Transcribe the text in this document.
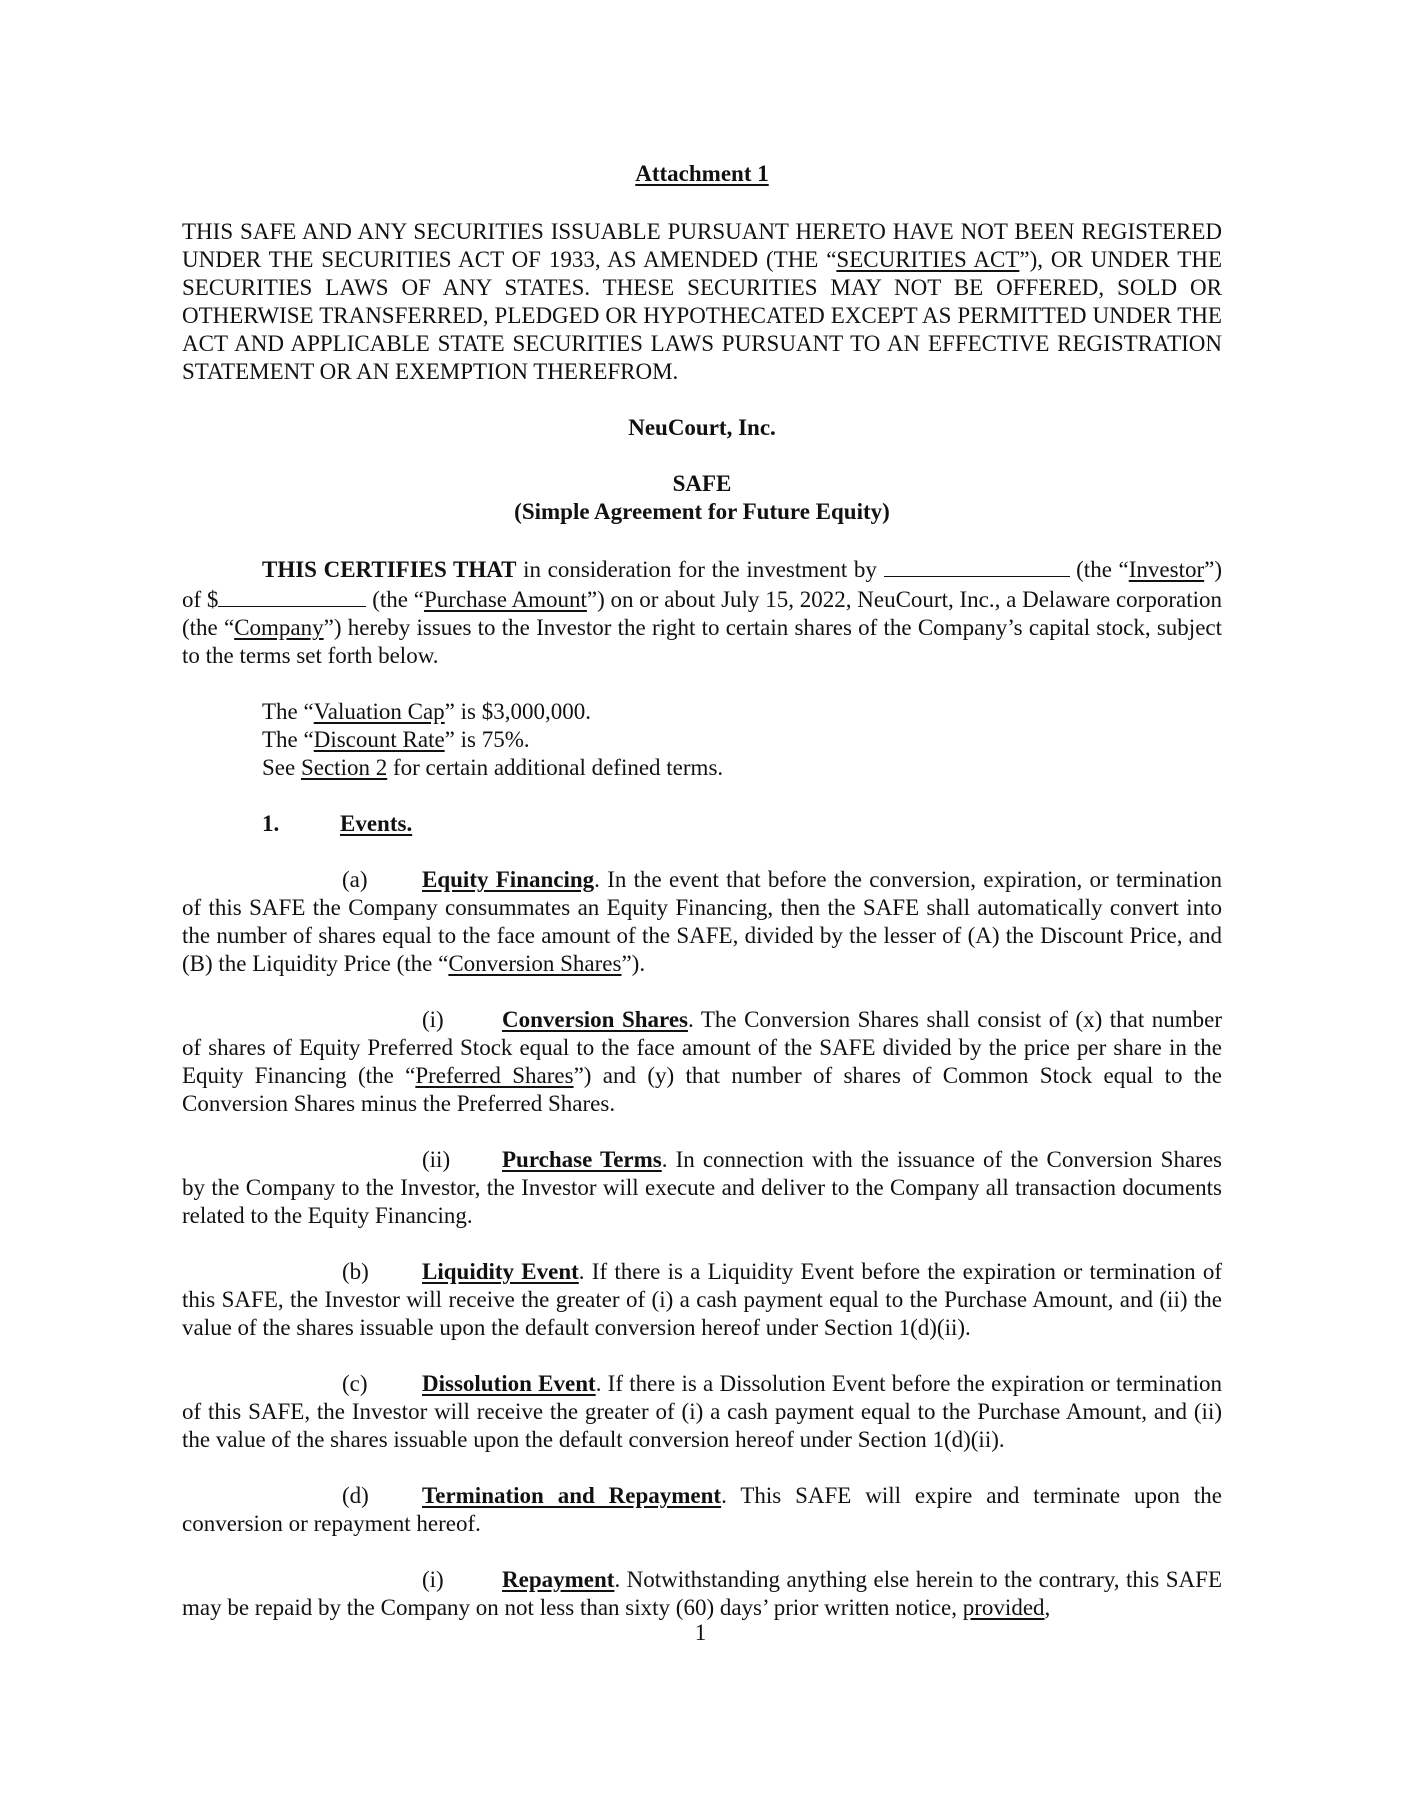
Attachment 1

THIS SAFE AND ANY SECURITIES ISSUABLE PURSUANT HERETO HAVE NOT BEEN REGISTERED UNDER THE SECURITIES ACT OF 1933, AS AMENDED (THE “SECURITIES ACT”), OR UNDER THE SECURITIES LAWS OF ANY STATES. THESE SECURITIES MAY NOT BE OFFERED, SOLD OR OTHERWISE TRANSFERRED, PLEDGED OR HYPOTHECATED EXCEPT AS PERMITTED UNDER THE ACT AND APPLICABLE STATE SECURITIES LAWS PURSUANT TO AN EFFECTIVE REGISTRATION STATEMENT OR AN EXEMPTION THEREFROM.

NeuCourt, Inc.

SAFE
(Simple Agreement for Future Equity)

THIS CERTIFIES THAT in consideration for the investment by	(the “Investor”) of $	(the “Purchase Amount”) on or about July 15, 2022, NeuCourt, Inc., a Delaware corporation (the “Company”) hereby issues to the Investor the right to certain shares of the Company’s capital stock, subject to the terms set forth below.

The “Valuation Cap” is $3,000,000.
The “Discount Rate” is 75%.
See Section 2 for certain additional defined terms.

1.	Events.

(a) Equity Financing. In the event that before the conversion, expiration, or termination of this SAFE the Company consummates an Equity Financing, then the SAFE shall automatically convert into the number of shares equal to the face amount of the SAFE, divided by the lesser of (A) the Discount Price, and (B) the Liquidity Price (the “Conversion Shares”).

(i)	Conversion Shares. The Conversion Shares shall consist of (x) that number of shares of Equity Preferred Stock equal to the face amount of the SAFE divided by the price per share in the Equity Financing (the “Preferred Shares”) and (y) that number of shares of Common Stock equal to the Conversion Shares minus the Preferred Shares.

(ii) Purchase Terms. In connection with the issuance of the Conversion Shares by the Company to the Investor, the Investor will execute and deliver to the Company all transaction documents related to the Equity Financing.

(b) Liquidity Event. If there is a Liquidity Event before the expiration or termination of this SAFE, the Investor will receive the greater of (i) a cash payment equal to the Purchase Amount, and (ii) the value of the shares issuable upon the default conversion hereof under Section 1(d)(ii).

(c) Dissolution Event. If there is a Dissolution Event before the expiration or termination of this SAFE, the Investor will receive the greater of (i) a cash payment equal to the Purchase Amount, and (ii) the value of the shares issuable upon the default conversion hereof under Section 1(d)(ii).

(d) Termination and Repayment. This SAFE will expire and terminate upon the conversion or repayment hereof.

(i)	Repayment. Notwithstanding anything else herein to the contrary, this SAFE may be repaid by the Company on not less than sixty (60) days’ prior written notice, provided,

1
